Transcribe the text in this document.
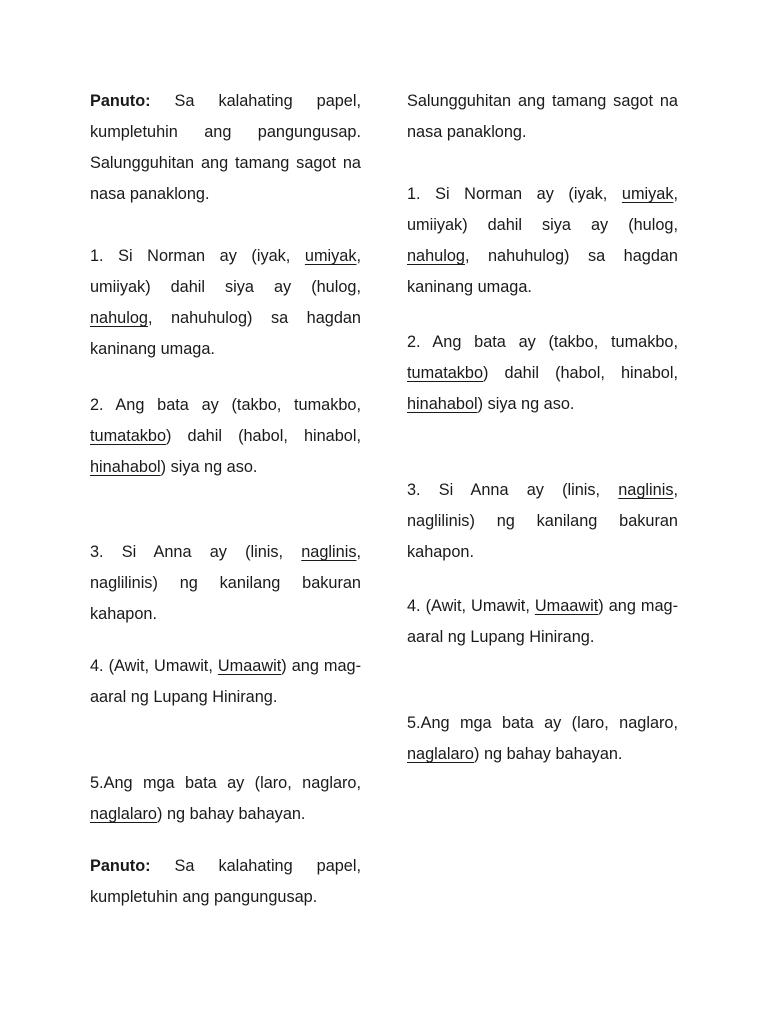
Panuto: Sa kalahating papel, kumpletuhin ang pangungusap. Salungguhitan ang tamang sagot na nasa panaklong.

1. Si Norman ay (iyak, umiyak, umiiyak) dahil siya ay (hulog, nahulog, nahuhulog) sa hagdan kaninang umaga.

2. Ang bata ay (takbo, tumakbo, tumatakbo) dahil (habol, hinabol, hinahabol) siya ng aso.

3. Si Anna ay (linis, naglinis, naglilinis) ng kanilang bakuran kahapon.

4. (Awit, Umawit, Umaawit) ang mag-aaral ng Lupang Hinirang.

5.Ang mga bata ay (laro, naglaro, naglalaro) ng bahay bahayan.

Panuto: Sa kalahating papel, kumpletuhin ang pangungusap.

Salungguhitan ang tamang sagot na nasa panaklong.

1. Si Norman ay (iyak, umiyak, umiiyak) dahil siya ay (hulog, nahulog, nahuhulog) sa hagdan kaninang umaga.

2. Ang bata ay (takbo, tumakbo, tumatakbo) dahil (habol, hinabol, hinahabol) siya ng aso.

3. Si Anna ay (linis, naglinis, naglilinis) ng kanilang bakuran kahapon.

4. (Awit, Umawit, Umaawit) ang mag-aaral ng Lupang Hinirang.

5.Ang mga bata ay (laro, naglaro, naglalaro) ng bahay bahayan.
